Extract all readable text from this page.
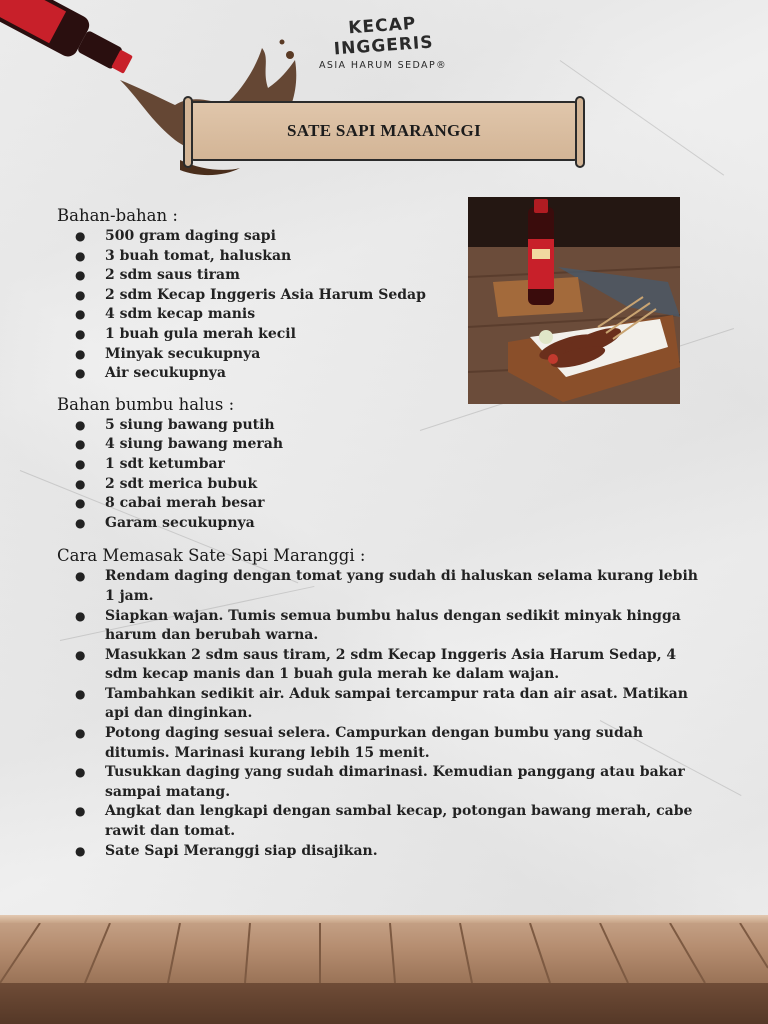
KECAP INGGERIS
ASIA HARUM SEDAP®
SATE SAPI MARANGGI
Bahan-bahan :
● 500 gram daging sapi
● 3 buah tomat, haluskan
● 2 sdm saus tiram
● 2 sdm Kecap Inggeris Asia Harum Sedap
● 4 sdm kecap manis
● 1 buah gula merah kecil
● Minyak secukupnya
● Air secukupnya
Bahan bumbu halus :
● 5 siung bawang putih
● 4 siung bawang merah
● 1 sdt ketumbar
● 2 sdt merica bubuk
● 8 cabai merah besar
● Garam secukupnya
Cara Memasak Sate Sapi Maranggi :
● Rendam daging dengan tomat yang sudah di haluskan selama kurang lebih 1 jam.
● Siapkan wajan. Tumis semua bumbu halus dengan sedikit minyak hingga harum dan berubah warna.
● Masukkan 2 sdm saus tiram, 2 sdm Kecap Inggeris Asia Harum Sedap, 4 sdm kecap manis dan 1 buah gula merah ke dalam wajan.
● Tambahkan sedikit air. Aduk sampai tercampur rata dan air asat. Matikan api dan dinginkan.
● Potong daging sesuai selera. Campurkan dengan bumbu yang sudah ditumis. Marinasi kurang lebih 15 menit.
● Tusukkan daging yang sudah dimarinasi. Kemudian panggang atau bakar sampai matang.
● Angkat dan lengkapi dengan sambal kecap, potongan bawang merah, cabe rawit dan tomat.
● Sate Sapi Meranggi siap disajikan.
